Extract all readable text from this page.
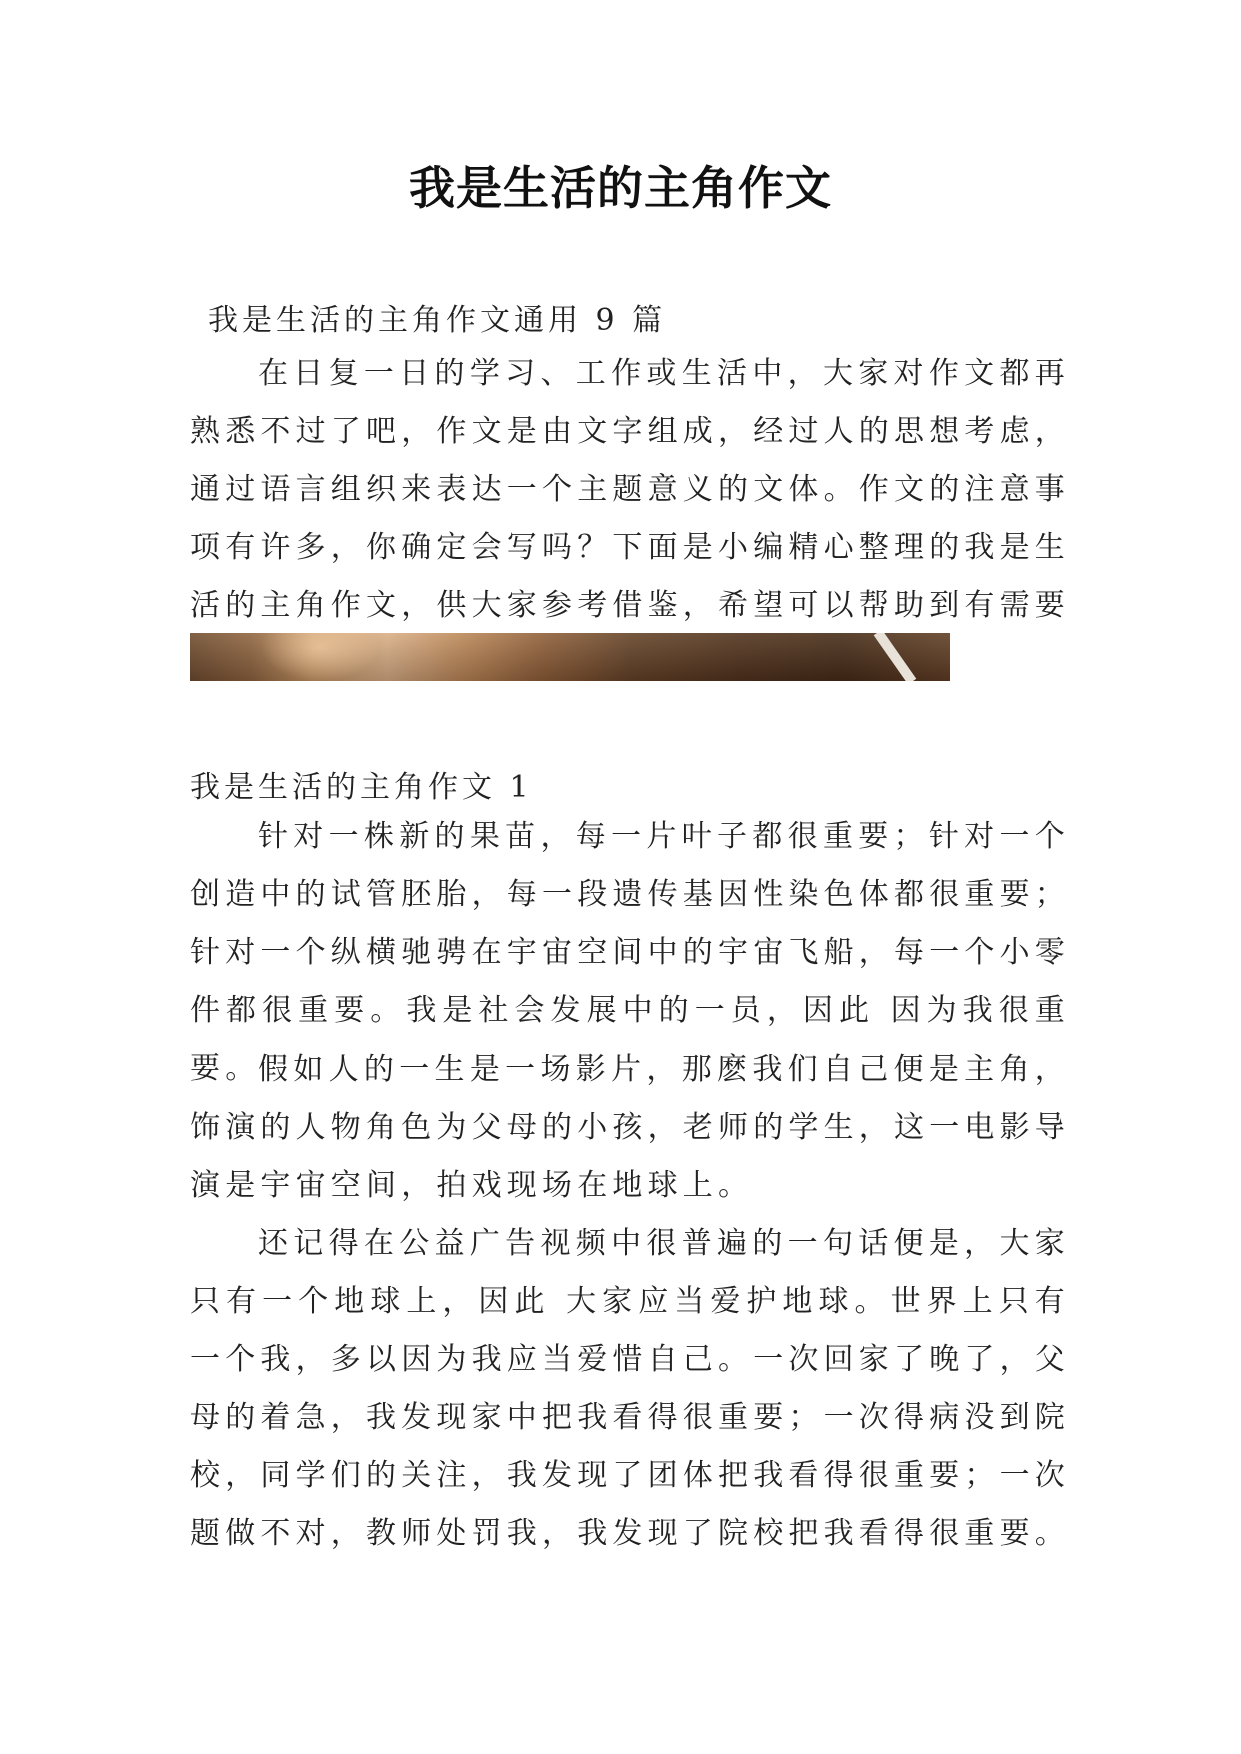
我是生活的主角作文

我是生活的主角作文通用 9 篇

在日复一日的学习、工作或生活中，大家对作文都再熟悉不过了吧，作文是由文字组成，经过人的思想考虑，通过语言组织来表达一个主题意义的文体。作文的注意事项有许多，你确定会写吗？下面是小编精心整理的我是生活的主角作文，供大家参考借鉴，希望可以帮助到有需要

我是生活的主角作文 1

针对一株新的果苗，每一片叶子都很重要；针对一个创造中的试管胚胎，每一段遗传基因性染色体都很重要；针对一个纵横驰骋在宇宙空间中的宇宙飞船，每一个小零件都很重要。我是社会发展中的一员，因此 因为我很重要。

假如人的一生是一场影片，那麽我们自己便是主角，饰演的人物角色为父母的小孩，老师的学生，这一电影导演是宇宙空间，拍戏现场在地球上。

还记得在公益广告视频中很普遍的一句话便是，大家只有一个地球上，因此 大家应当爱护地球。世界上只有一个我，多以因为我应当爱惜自己。一次回家了晚了，父母的着急，我发现家中把我看得很重要；一次得病没到院校，同学们的关注，我发现了团体把我看得很重要；一次题做不对，教师处罚我，我发现了院校把我看得很重要。
